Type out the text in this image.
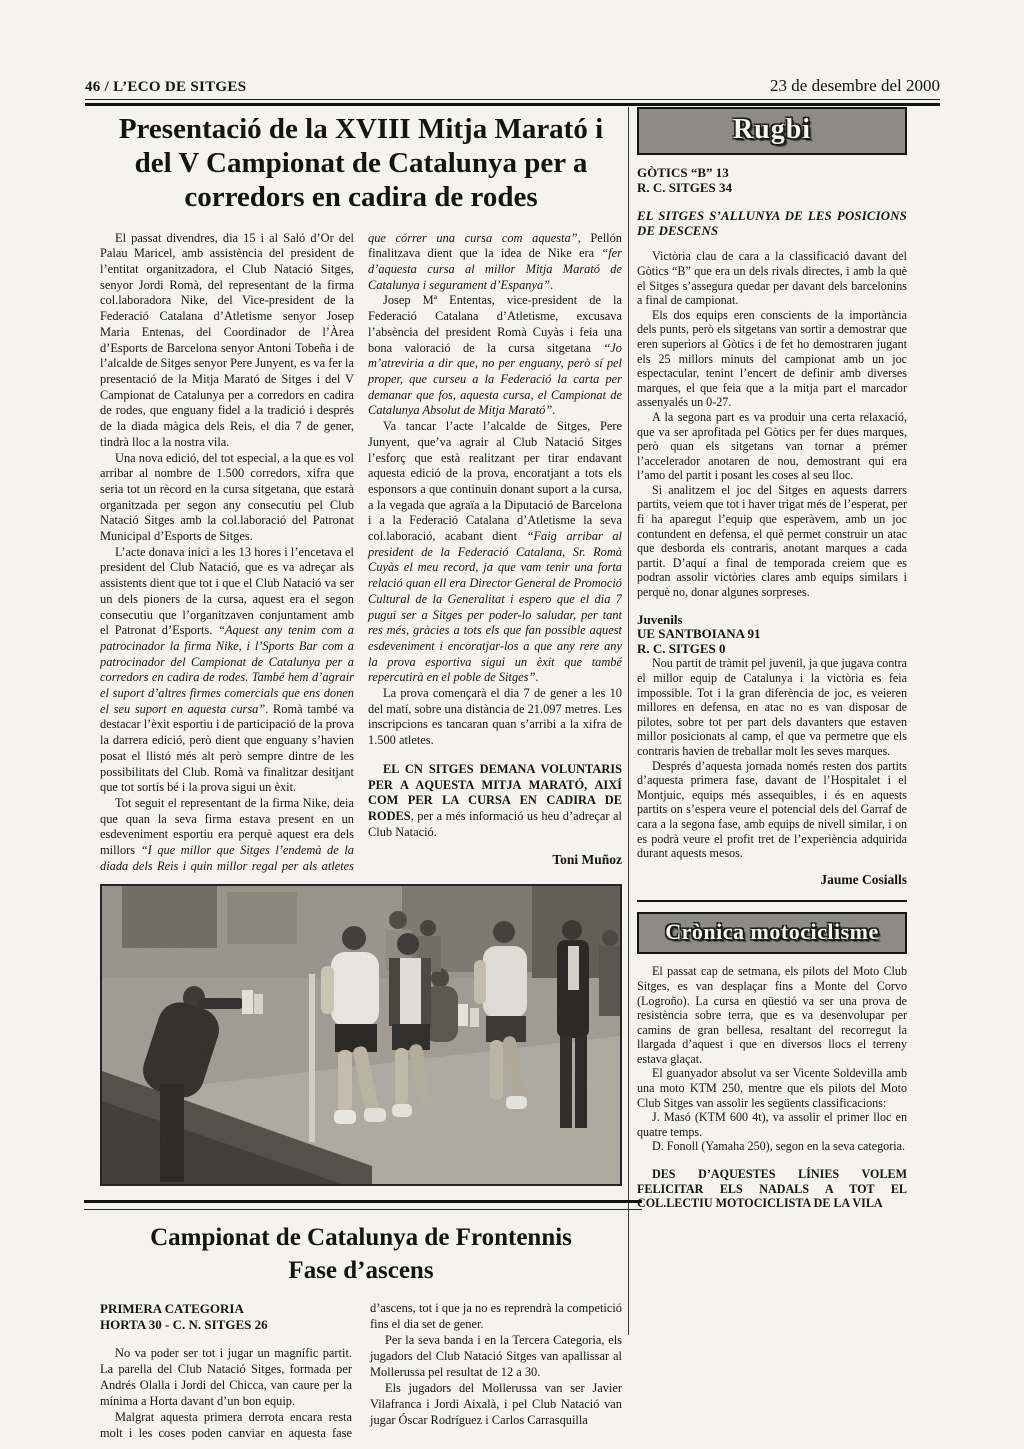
46 / L’ECO DE SITGES	23 de desembre del 2000
Presentació de la XVIII Mitja Marató i del V Campionat de Catalunya per a corredors en cadira de rodes

El passat divendres, dia 15 i al Saló d’Or del Palau Maricel, amb assistència del president de l’entitat organitzadora, el Club Natació Sitges, senyor Jordi Romà, del representant de la firma col.laboradora Nike, del Vice-president de la Federació Catalana d’Atletisme senyor Josep Maria Entenas, del Coordinador de l’Àrea d’Esports de Barcelona senyor Antoni Tobeña i de l’alcalde de Sitges senyor Pere Junyent, es va fer la presentació de la Mitja Marató de Sitges i del V Campionat de Catalunya per a corredors en cadira de rodes, que enguany fidel a la tradició i després de la diada màgica dels Reis, el dia 7 de gener, tindrà lloc a la nostra vila.

Una nova edició, del tot especial, a la que es vol arribar al nombre de 1.500 corredors, xifra que seria tot un rècord en la cursa sitgetana, que estarà organitzada per segon any consecutiu pel Club Natació Sitges amb la col.laboració del Patronat Municipal d’Esports de Sitges.

L’acte donava inici a les 13 hores i l’encetava el president del Club Natació, que es va adreçar als assistents dient que tot i que el Club Natació va ser un dels pioners de la cursa, aquest era el segon consecutiu que l’organitzaven conjuntament amb el Patronat d’Esports. “Aquest any tenim com a patrocinador la firma Nike, i l’Sports Bar com a patrocinador del Campionat de Catalunya per a corredors en cadira de rodes. També hem d’agrair el suport d’altres firmes comercials que ens donen el seu suport en aquesta cursa”. Romà també va destacar l’èxit esportiu i de participació de la prova la darrera edició, però dient que enguany s’havien posat el llistó més alt però sempre dintre de les possibilitats del Club. Romà va finalitzar desitjant que tot sortís bé i la prova sigui un èxit.

Tot seguit el representant de la firma Nike, deia que quan la seva firma estava present en un esdeveniment esportiu era perquè aquest era dels millors “I que millor que Sitges l’endemà de la diada dels Reis i quin millor regal per als atletes que córrer una cursa com aquesta”, Pellón finalitzava dient que la idea de Nike era “fer d’aquesta cursa al millor Mitja Marató de Catalunya i segurament d’Espanya”.

Josep Mª Ententas, vice-president de la Federació Catalana d’Atletisme, excusava l’absència del president Romà Cuyàs i feia una bona valoració de la cursa sitgetana “Jo m’atreviria a dir que, no per enguany, però sí pel proper, que curseu a la Federació la carta per demanar que fos, aquesta cursa, el Campionat de Catalunya Absolut de Mitja Marató”.

Va tancar l’acte l’alcalde de Sitges, Pere Junyent, que’va agrair al Club Natació Sitges l’esforç que està realitzant per tirar endavant aquesta edició de la prova, encoratjant a tots els esponsors a que continuin donant suport a la cursa, a la vegada que agraïa a la Diputació de Barcelona i a la Federació Catalana d’Atletisme la seva col.laboració, acabant dient “Faig arribar al president de la Federació Catalana, Sr. Romà Cuyàs el meu record, ja que vam tenir una forta relació quan ell era Director General de Promoció Cultural de la Generalitat i espero que el dia 7 pugui ser a Sitges per poder-lo saludar, per tant res més, gràcies a tots els que fan possible aquest esdeveniment i encoratjar-los a que any rere any la prova esportiva sigui un èxit que també repercutirà en el poble de Sitges”.

La prova començarà el dia 7 de gener a les 10 del matí, sobre una distància de 21.097 metres. Les inscripcions es tancaran quan s’arribi a la xifra de 1.500 atletes.

EL CN SITGES DEMANA VOLUNTARIS PER A AQUESTA MITJA MARATÓ, AIXÍ COM PER LA CURSA EN CADIRA DE RODES, per a més informació us heu d’adreçar al Club Natació.

Toni Muñoz

Campionat de Catalunya de Frontennis
Fase d’ascens

PRIMERA CATEGORIA

HORTA 30 - C. N. SITGES 26

No va poder ser tot i jugar un magnífic partit. La parella del Club Natació Sitges, formada per Andrés Olalla i Jordi del Chicca, van caure per la mínima a Horta davant d’un bon equip.

Malgrat aquesta primera derrota encara resta molt i les coses poden canviar en aquesta fase d’ascens, tot i que ja no es reprendrà la competició fins el dia set de gener.

Per la seva banda i en la Tercera Categoria, els jugadors del Club Natació Sitges van apallissar al Mollerussa pel resultat de 12 a 30.

Els jugadors del Mollerussa van ser Javier Vilafranca i Jordi Aixalà, i pel Club Natació van jugar Óscar Rodríguez i Carlos Carrasquilla

Rugbi

GÒTICS “B” 13

R. C. SITGES 34

EL SITGES S’ALLUNYA DE LES POSICIONS DE DESCENS

Victòria clau de cara a la classificació davant del Gòtics “B” que era un dels rivals directes, i amb la què el Sitges s’assegura quedar per davant dels barcelonins a final de campionat.

Els dos equips eren conscients de la importància dels punts, però els sitgetans van sortir a demostrar que eren superiors al Gòtics i de fet ho demostraren jugant els 25 millors minuts del campionat amb un joc espectacular, tenint l’encert de definir amb diverses marques, el que feia que a la mitja part el marcador assenyalés un 0-27.

A la segona part es va produir una certa relaxació, que va ser aprofitada pel Gòtics per fer dues marques, però quan els sitgetans van tornar a prémer l’accelerador anotaren de nou, demostrant qui era l’amo del partit i posant les coses al seu lloc.

Si analitzem el joc del Sitges en aquests darrers partits, veiem que tot i haver trigat més de l’esperat, per fi ha aparegut l’equip que esperàvem, amb un joc contundent en defensa, el què permet construir un atac que desborda els contraris, anotant marques a cada partit. D’aquí a final de temporada creiem que es podran assolir victòries clares amb equips similars i perquè no, donar algunes sorpreses.

Juvenils

UE SANTBOIANA 91

R. C. SITGES 0

Nou partit de tràmit pel juvenil, ja que jugava contra el millor equip de Catalunya i la victòria es feia impossible. Tot i la gran diferència de joc, es veieren millores en defensa, en atac no es van disposar de pilotes, sobre tot per part dels davanters que estaven millor posicionats al camp, el que va permetre que els contraris havien de treballar molt les seves marques.

Després d’aquesta jornada només resten dos partits d’aquesta primera fase, davant de l’Hospitalet i el Montjuic, equips més assequibles, i és en aquests partits on s’espera veure el potencial dels del Garraf de cara a la segona fase, amb equips de nivell similar, i on es podrà veure el profit tret de l’experiència adquirida durant aquests mesos.

Jaume Cosialls

Crònica motociclisme

El passat cap de setmana, els pilots del Moto Club Sitges, es van desplaçar fins a Monte del Corvo (Logroño). La cursa en qüestió va ser una prova de resistència sobre terra, que es va desenvolupar per camins de gran bellesa, resaltant del recorregut la llargada d’aquest i que en diversos llocs el terreny estava glaçat.

El guanyador absolut va ser Vicente Soldevilla amb una moto KTM 250, mentre que els pilots del Moto Club Sitges van assolir les següents classificacions:

J. Masó (KTM 600 4t), va assolir el primer lloc en quatre temps.

D. Fonoll (Yamaha 250), segon en la seva categoria.

DES D’AQUESTES LÍNIES VOLEM FELICITAR ELS NADALS A TOT EL COL.LECTIU MOTOCICLISTA DE LA VILA
